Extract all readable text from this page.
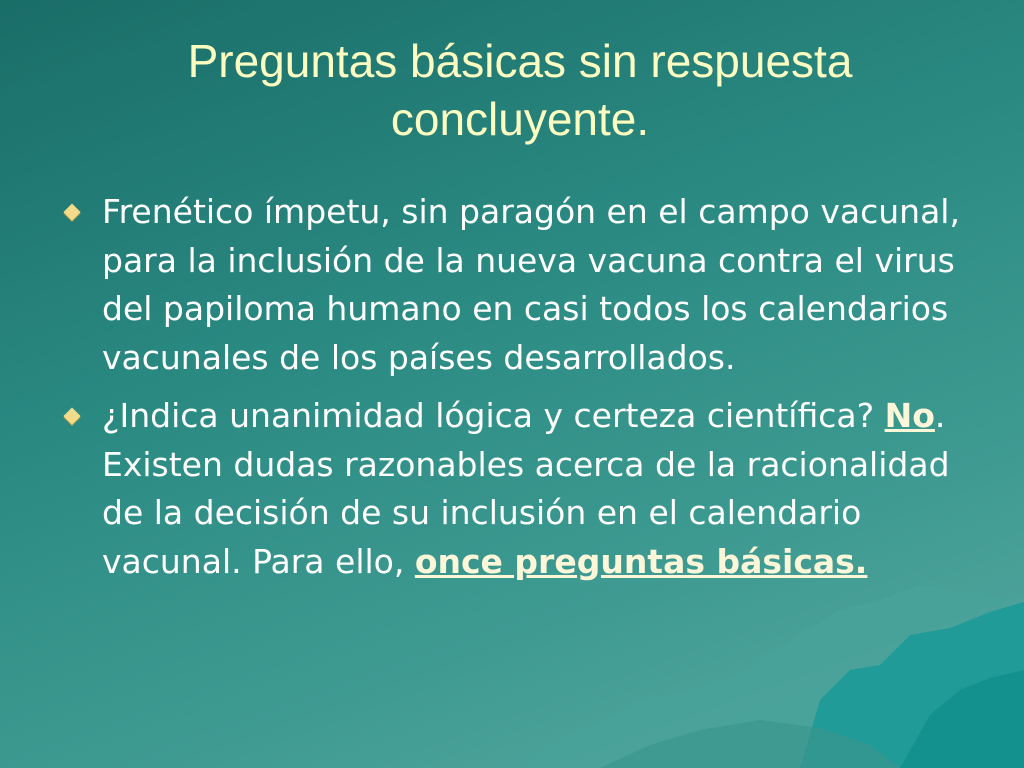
Preguntas básicas sin respuesta concluyente.
Frenético ímpetu, sin paragón en el campo vacunal, para la inclusión de la nueva vacuna contra el virus del papiloma humano en casi todos los calendarios vacunales de los países desarrollados.
¿Indica unanimidad lógica y certeza científica? No. Existen dudas razonables acerca de la racionalidad de la decisión de su inclusión en el calendario vacunal. Para ello, once preguntas básicas.
